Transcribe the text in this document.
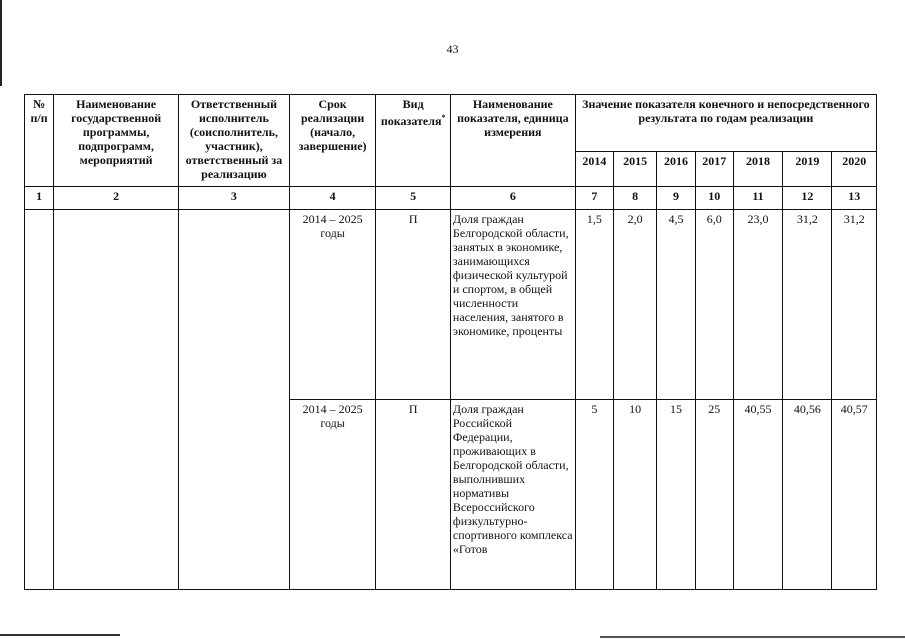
43
№ п/п	Наименование государственной программы, подпрограмм, мероприятий	Ответственный исполнитель (соисполнитель, участник), ответственный за реализацию	Срок реализации (начало, завершение)	Вид показателя*	Наименование показателя, единица измерения	Значение показателя конечного и непосредственного результата по годам реализации						
						2014	2015	2016	2017	2018	2019	2020
1	2	3	4	5	6	7	8	9	10	11	12	13
			2014 – 2025 годы	П	Доля граждан Белгородской области, занятых в экономике, занимающихся физической культурой и спортом, в общей численности населения, занятого в экономике, проценты	1,5	2,0	4,5	6,0	23,0	31,2	31,2
			2014 – 2025 годы	П	Доля граждан Российской Федерации, проживающих в Белгородской области, выполнивших нормативы Всероссийского физкультурно-спортивного комплекса «Готов	5	10	15	25	40,55	40,56	40,57
